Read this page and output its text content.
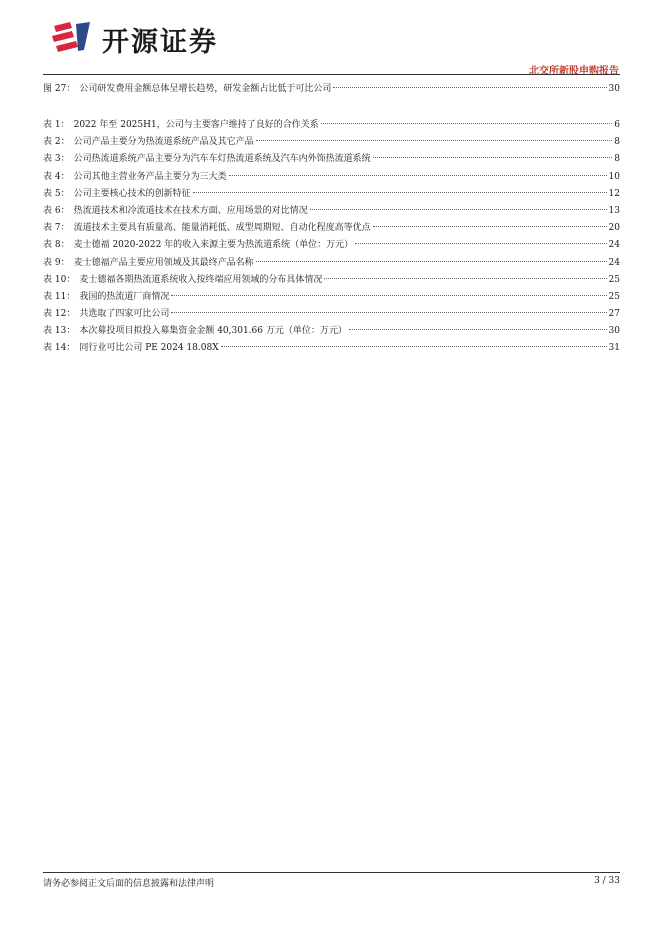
开源证券
北交所新股申购报告
图 27： 公司研发费用金额总体呈增长趋势，研发金额占比低于可比公司	30
表 1： 2022 年至 2025H1，公司与主要客户维持了良好的合作关系	6
表 2： 公司产品主要分为热流道系统产品及其它产品	8
表 3： 公司热流道系统产品主要分为汽车车灯热流道系统及汽车内外饰热流道系统	8
表 4： 公司其他主营业务产品主要分为三大类	10
表 5： 公司主要核心技术的创新特征	12
表 6： 热流道技术和冷流道技术在技术方面、应用场景的对比情况	13
表 7： 流道技术主要具有质量高、能量消耗低、成型周期短、自动化程度高等优点	20
表 8： 麦士德福 2020-2022 年的收入来源主要为热流道系统（单位：万元）	24
表 9： 麦士德福产品主要应用领域及其最终产品名称	24
表 10： 麦士德福各期热流道系统收入按终端应用领域的分布具体情况	25
表 11： 我国的热流道厂商情况	25
表 12： 共选取了四家可比公司	27
表 13： 本次募投项目拟投入募集资金金额 40,301.66 万元（单位：万元）	30
表 14： 同行业可比公司 PE 2024 18.08X	31
请务必参阅正文后面的信息披露和法律声明	3 / 33
